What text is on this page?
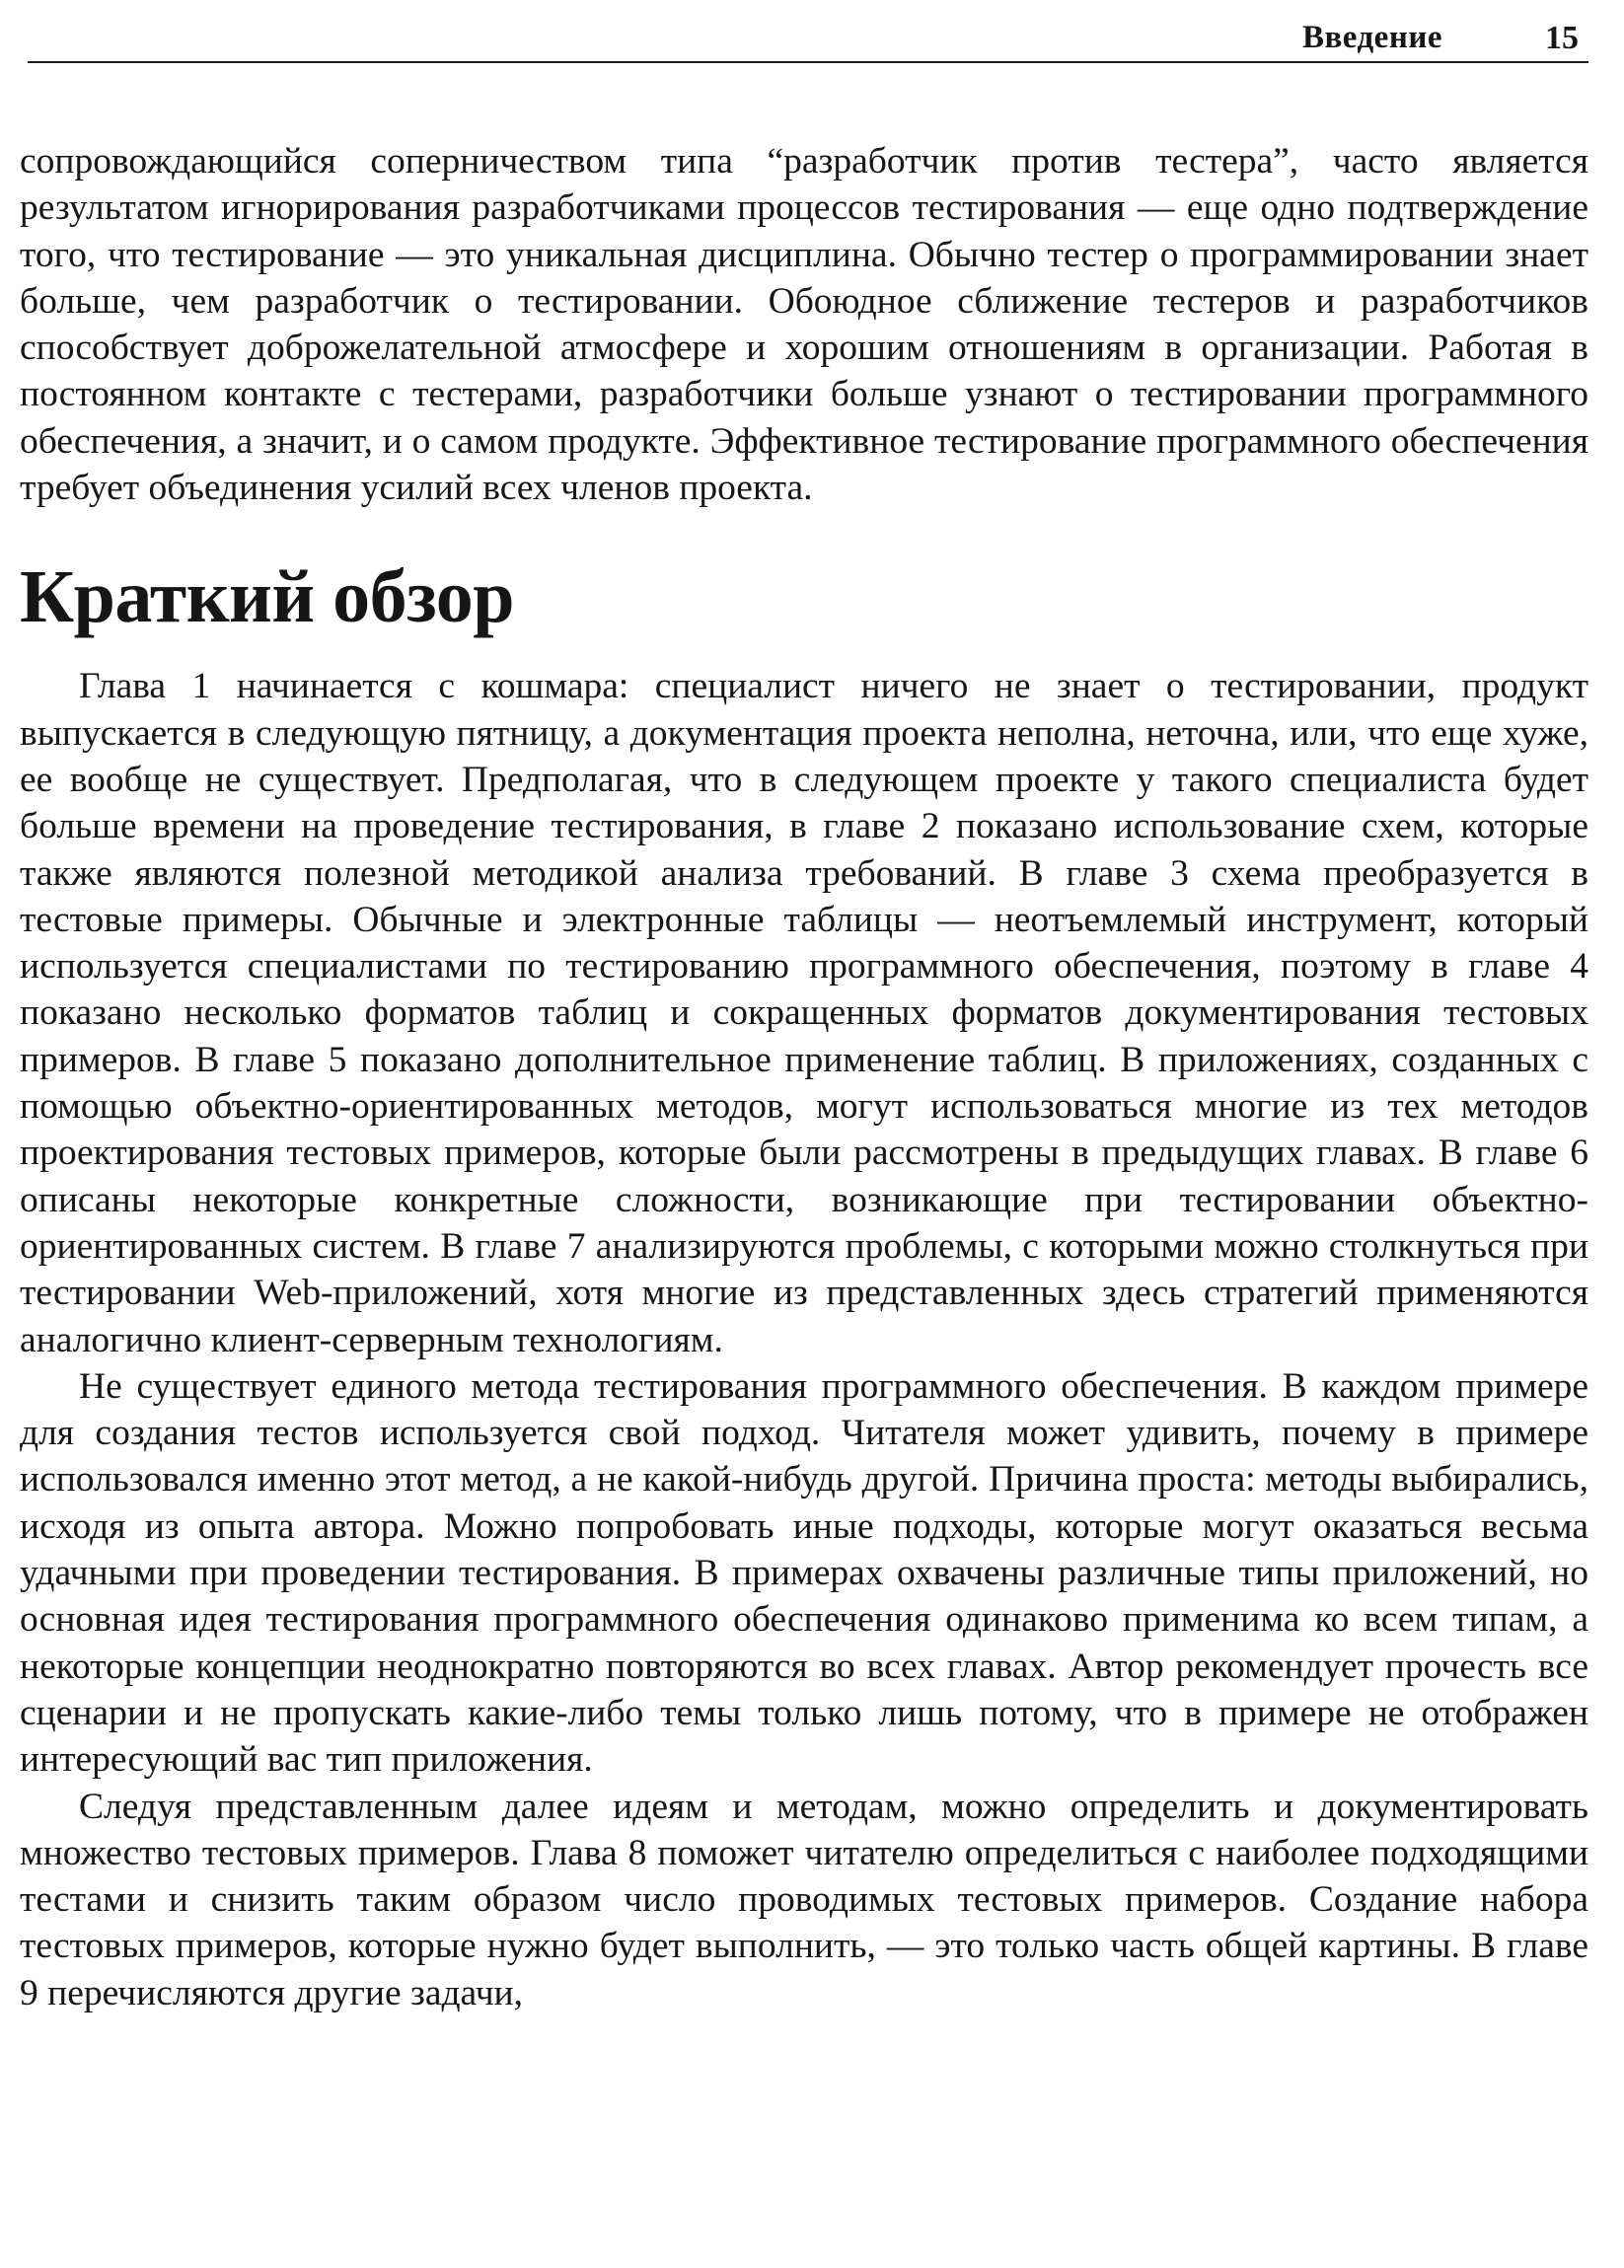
Введение	15

сопровождающийся соперничеством типа “разработчик против тестера”, часто является результатом игнорирования разработчиками процессов тестирования — еще одно подтверждение того, что тестирование — это уникальная дисциплина. Обычно тестер о программировании знает больше, чем разработчик о тестировании. Обоюдное сближение тестеров и разработчиков способствует доброжелательной атмосфере и хорошим отношениям в организации. Работая в постоянном контакте с тестерами, разработчики больше узнают о тестировании программного обеспечения, а значит, и о самом продукте. Эффективное тестирование программного обеспечения требует объединения усилий всех членов проекта.

Краткий обзор

Глава 1 начинается с кошмара: специалист ничего не знает о тестировании, продукт выпускается в следующую пятницу, а документация проекта неполна, неточна, или, что еще хуже, ее вообще не существует. Предполагая, что в следующем проекте у такого специалиста будет больше времени на проведение тестирования, в главе 2 показано использование схем, которые также являются полезной методикой анализа требований. В главе 3 схема преобразуется в тестовые примеры. Обычные и электронные таблицы — неотъемлемый инструмент, который используется специалистами по тестированию программного обеспечения, поэтому в главе 4 показано несколько форматов таблиц и сокращенных форматов документирования тестовых примеров. В главе 5 показано дополнительное применение таблиц. В приложениях, созданных с помощью объектно-ориентированных методов, могут использоваться многие из тех методов проектирования тестовых примеров, которые были рассмотрены в предыдущих главах. В главе 6 описаны некоторые конкретные сложности, возникающие при тестировании объектно-ориентированных систем. В главе 7 анализируются проблемы, с которыми можно столкнуться при тестировании Web-приложений, хотя многие из представленных здесь стратегий применяются аналогично клиент-серверным технологиям.

Не существует единого метода тестирования программного обеспечения. В каждом примере для создания тестов используется свой подход. Читателя может удивить, почему в примере использовался именно этот метод, а не какой-нибудь другой. Причина проста: методы выбирались, исходя из опыта автора. Можно попробовать иные подходы, которые могут оказаться весьма удачными при проведении тестирования. В примерах охвачены различные типы приложений, но основная идея тестирования программного обеспечения одинаково применима ко всем типам, а некоторые концепции неоднократно повторяются во всех главах. Автор рекомендует прочесть все сценарии и не пропускать какие-либо темы только лишь потому, что в примере не отображен интересующий вас тип приложения.

Следуя представленным далее идеям и методам, можно определить и документировать множество тестовых примеров. Глава 8 поможет читателю определиться с наиболее подходящими тестами и снизить таким образом число проводимых тестовых примеров. Создание набора тестовых примеров, которые нужно будет выполнить, — это только часть общей картины. В главе 9 перечисляются другие задачи,
